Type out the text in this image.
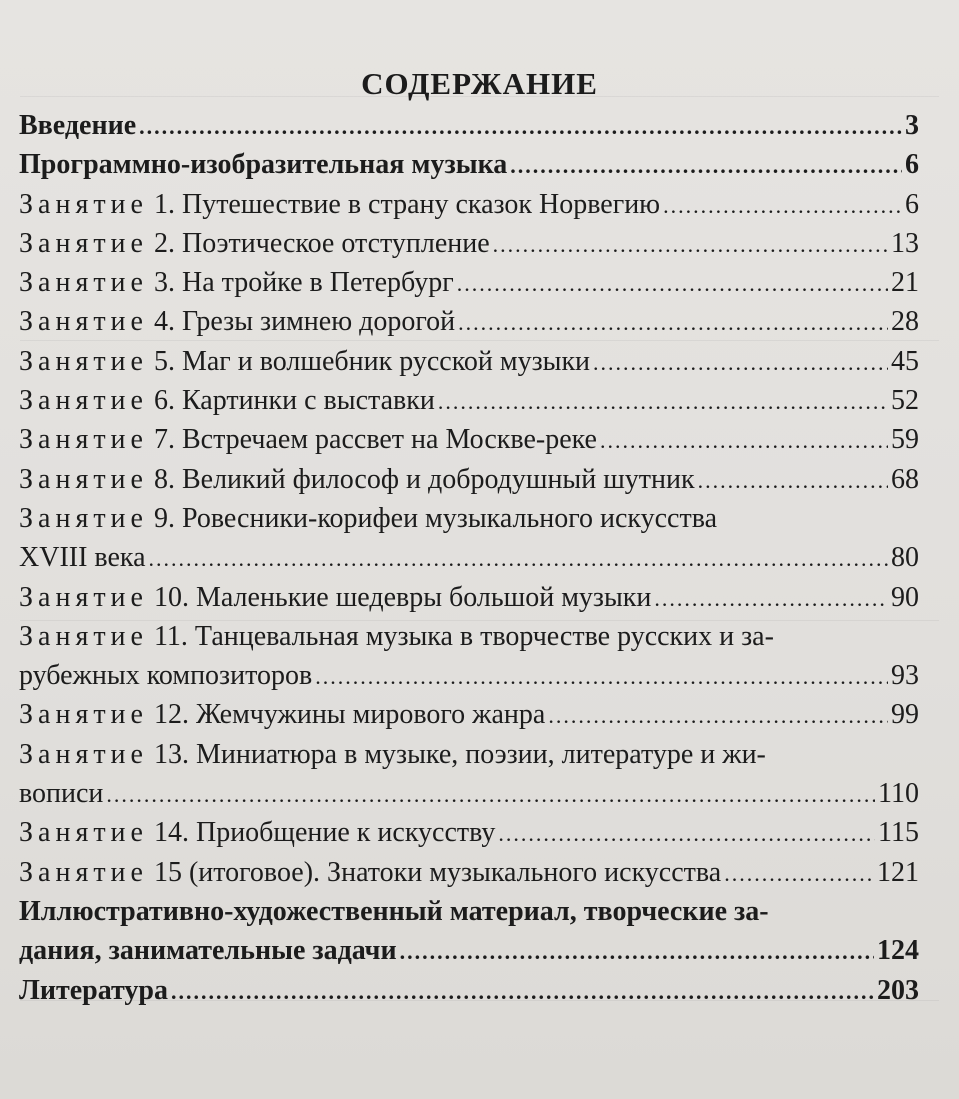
СОДЕРЖАНИЕ
Введение .....	3
Программно-изобразительная музыка .....	6
Занятие 1. Путешествие в страну сказок Норвегию .....	6
Занятие 2. Поэтическое отступление .....	13
Занятие 3. На тройке в Петербург .....	21
Занятие 4. Грезы зимнею дорогой .....	28
Занятие 5. Маг и волшебник русской музыки .....	45
Занятие 6. Картинки с выставки .....	52
Занятие 7. Встречаем рассвет на Москве-реке .....	59
Занятие 8. Великий философ и добродушный шутник .....	68
Занятие 9. Ровесники-корифеи музыкального искусства
XVIII века .....	80
Занятие 10. Маленькие шедевры большой музыки .....	90
Занятие 11. Танцевальная музыка в творчестве русских и за-
рубежных композиторов .....	93
Занятие 12. Жемчужины мирового жанра .....	99
Занятие 13. Миниатюра в музыке, поэзии, литературе и жи-
вописи .....	110
Занятие 14. Приобщение к искусству .....	115
Занятие 15 (итоговое). Знатоки музыкального искусства .....	121
Иллюстративно-художественный материал, творческие за-
дания, занимательные задачи .....	124
Литература .....	203
